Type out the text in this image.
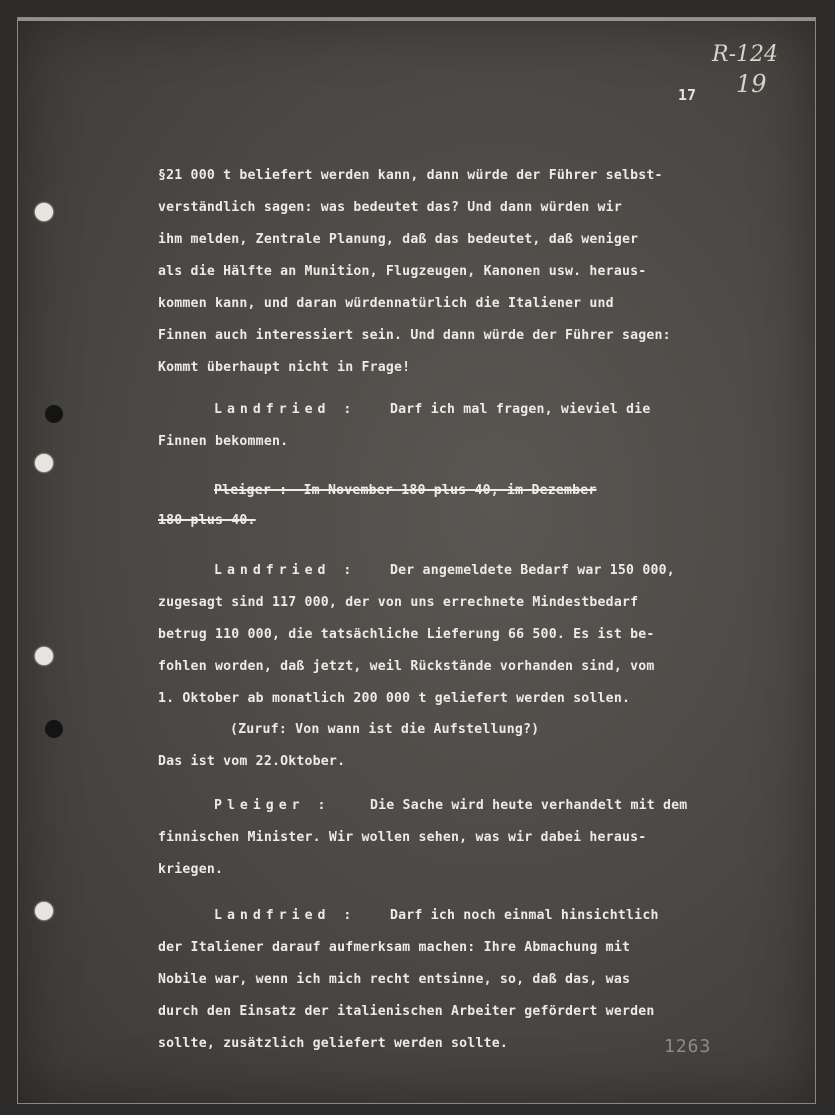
R-124
19
17
§21 000 t beliefert werden kann, dann würde der Führer selbst-
verständlich sagen: was bedeutet das? Und dann würden wir
ihm melden, Zentrale Planung, daß das bedeutet, daß weniger
als die Hälfte an Munition, Flugzeugen, Kanonen usw. heraus-
kommen kann, und daran würdennatürlich die Italiener und
Finnen auch interessiert sein. Und dann würde der Führer sagen:
Kommt überhaupt nicht in Frage!
Landfried :	Darf ich mal fragen, wieviel die
Finnen bekommen.
Pleiger :  Im November 180 plus 40, im Dezember
180 plus 40.
Landfried :	Der angemeldete Bedarf war 150 000,
zugesagt sind 117 000, der von uns errechnete Mindestbedarf
betrug 110 000, die tatsächliche Lieferung 66 500. Es ist be-
fohlen worden, daß jetzt, weil Rückstände vorhanden sind, vom
1. Oktober ab monatlich 200 000 t geliefert werden sollen.
(Zuruf: Von wann ist die Aufstellung?)
Das ist vom 22.Oktober.
Pleiger :	Die Sache wird heute verhandelt mit dem
finnischen Minister. Wir wollen sehen, was wir dabei heraus-
kriegen.
Landfried :	Darf ich noch einmal hinsichtlich
der Italiener darauf aufmerksam machen: Ihre Abmachung mit
Nobile war, wenn ich mich recht entsinne, so, daß das, was
durch den Einsatz der italienischen Arbeiter gefördert werden
sollte, zusätzlich geliefert werden sollte.	1263
